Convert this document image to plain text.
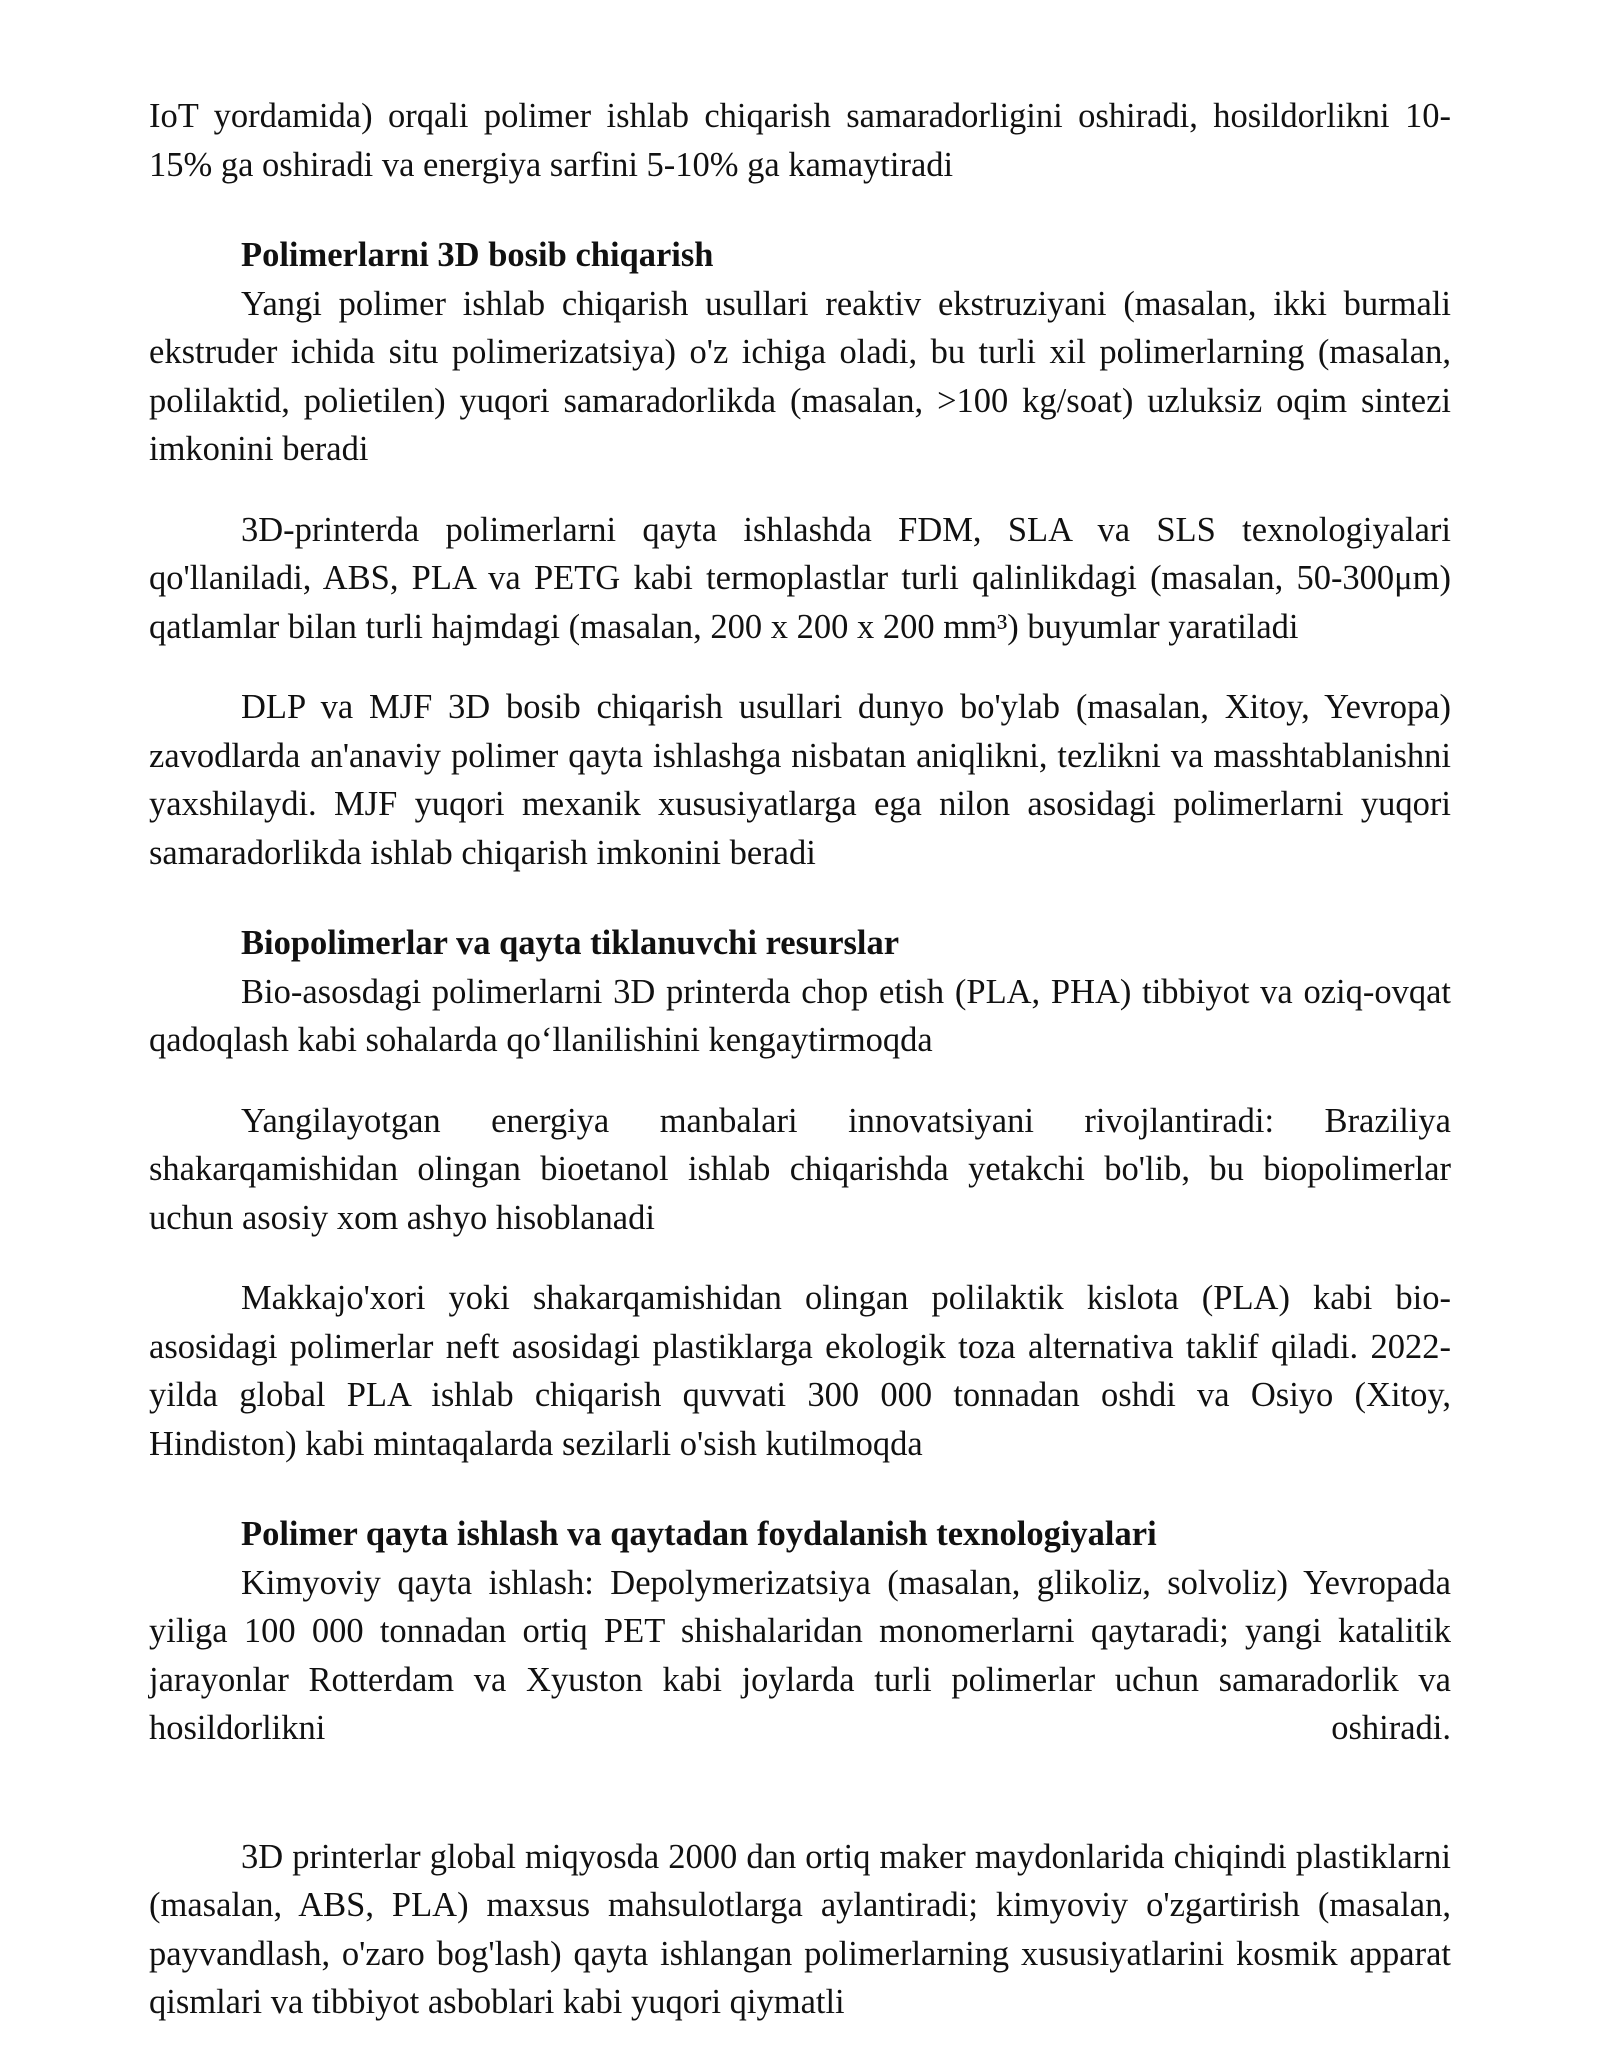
IoT yordamida) orqali polimer ishlab chiqarish samaradorligini oshiradi, hosildorlikni 10-15% ga oshiradi va energiya sarfini 5-10% ga kamaytiradi

Polimerlarni 3D bosib chiqarish

Yangi polimer ishlab chiqarish usullari reaktiv ekstruziyani (masalan, ikki burmali ekstruder ichida situ polimerizatsiya) o'z ichiga oladi, bu turli xil polimerlarning (masalan, polilaktid, polietilen) yuqori samaradorlikda (masalan, >100 kg/soat) uzluksiz oqim sintezi imkonini beradi

3D-printerda polimerlarni qayta ishlashda FDM, SLA va SLS texnologiyalari qo'llaniladi, ABS, PLA va PETG kabi termoplastlar turli qalinlikdagi (masalan, 50-300μm) qatlamlar bilan turli hajmdagi (masalan, 200 x 200 x 200 mm³) buyumlar yaratiladi

DLP va MJF 3D bosib chiqarish usullari dunyo bo'ylab (masalan, Xitoy, Yevropa) zavodlarda an'anaviy polimer qayta ishlashga nisbatan aniqlikni, tezlikni va masshtablanishni yaxshilaydi. MJF yuqori mexanik xususiyatlarga ega nilon asosidagi polimerlarni yuqori samaradorlikda ishlab chiqarish imkonini beradi

Biopolimerlar va qayta tiklanuvchi resurslar

Bio-asosdagi polimerlarni 3D printerda chop etish (PLA, PHA) tibbiyot va oziq-ovqat qadoqlash kabi sohalarda qo‘llanilishini kengaytirmoqda

Yangilayotgan energiya manbalari innovatsiyani rivojlantiradi: Braziliya shakarqamishidan olingan bioetanol ishlab chiqarishda yetakchi bo'lib, bu biopolimerlar uchun asosiy xom ashyo hisoblanadi

Makkajo'xori yoki shakarqamishidan olingan polilaktik kislota (PLA) kabi bio-asosidagi polimerlar neft asosidagi plastiklarga ekologik toza alternativa taklif qiladi. 2022-yilda global PLA ishlab chiqarish quvvati 300 000 tonnadan oshdi va Osiyo (Xitoy, Hindiston) kabi mintaqalarda sezilarli o'sish kutilmoqda

Polimer qayta ishlash va qaytadan foydalanish texnologiyalari

Kimyoviy qayta ishlash: Depolymerizatsiya (masalan, glikoliz, solvoliz) Yevropada yiliga 100 000 tonnadan ortiq PET shishalaridan monomerlarni qaytaradi; yangi katalitik jarayonlar Rotterdam va Xyuston kabi joylarda turli polimerlar uchun samaradorlik va hosildorlikni oshiradi.

3D printerlar global miqyosda 2000 dan ortiq maker maydonlarida chiqindi plastiklarni (masalan, ABS, PLA) maxsus mahsulotlarga aylantiradi; kimyoviy o'zgartirish (masalan, payvandlash, o'zaro bog'lash) qayta ishlangan polimerlarning xususiyatlarini kosmik apparat qismlari va tibbiyot asboblari kabi yuqori qiymatli
